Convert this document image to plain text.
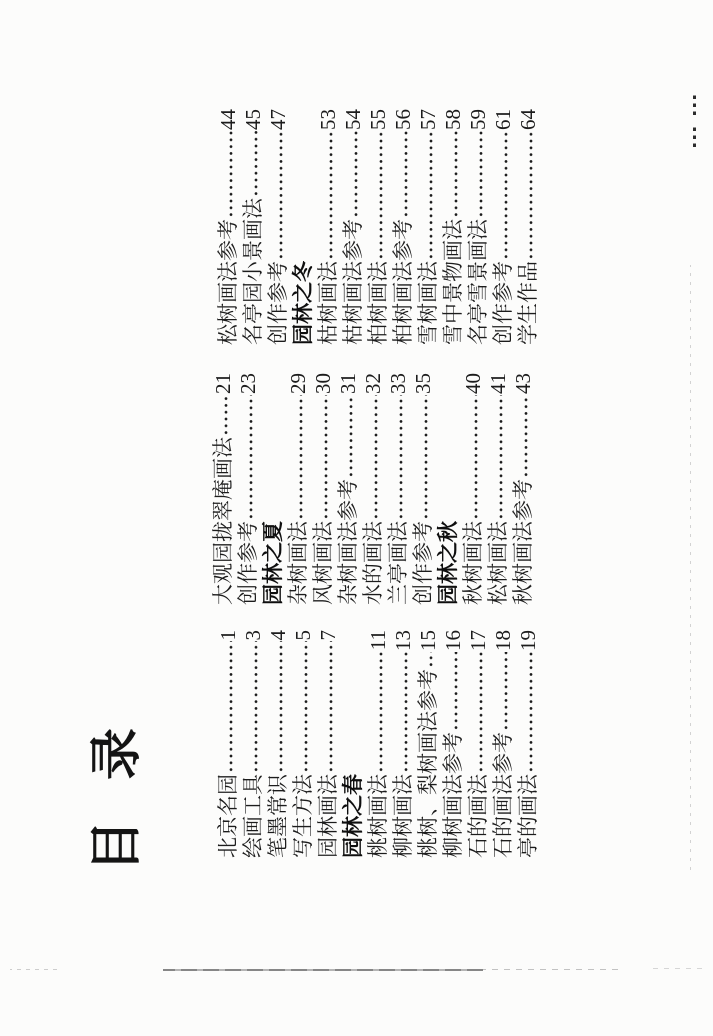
目录	北京名园
1
绘画工具
3
笔墨常识
4
写生方法
5
园林画法
7
园林之春 桃树画法
11
柳树画法
13
桃树、梨树画法参考
15
柳树画法参考
16
石的画法
17
石的画法参考
18
亭的画法
19
大观园拢翠庵画法
21
创作参考
23
园林之夏 杂树画法
29
风树画法
30
杂树画法参考
31
水的画法
32
兰亭画法
33
创作参考
35
园林之秋 秋树画法
40
松树画法
41
秋树画法参考
43
松树画法参考
44
名亭园小景画法
45
创作参考
47
园林之冬 枯树画法
53
枯树画法参考
54
柏树画法
55
柏树画法参考
56
雪树画法
57
雪中景物画法
58
名亭雪景画法
59
创作参考
61
学生作品
64
